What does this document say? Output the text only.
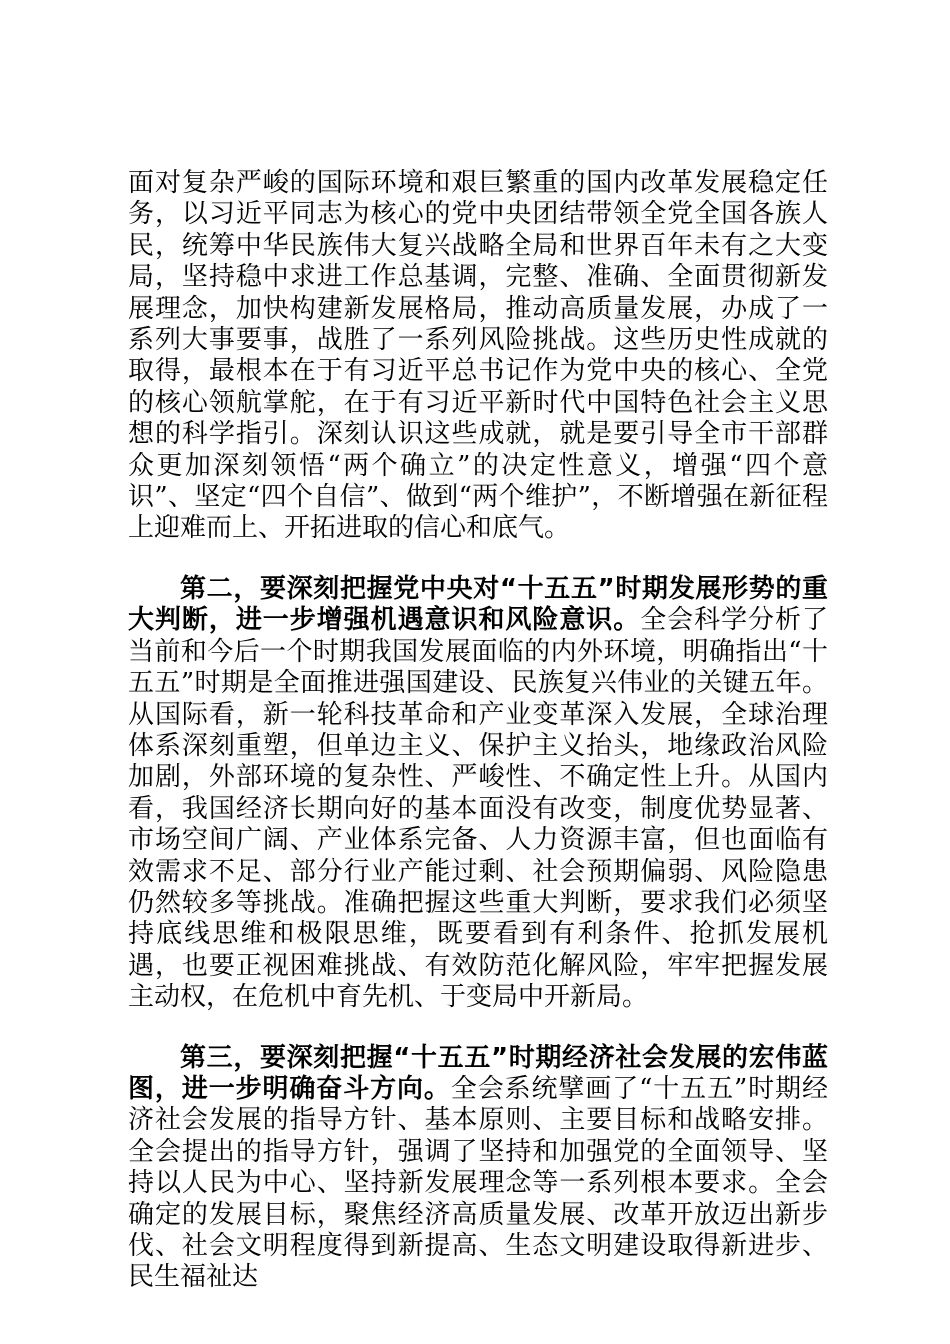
面对复杂严峻的国际环境和艰巨繁重的国内改革发展稳定任务，以习近平同志为核心的党中央团结带领全党全国各族人民，统筹中华民族伟大复兴战略全局和世界百年未有之大变局，坚持稳中求进工作总基调，完整、准确、全面贯彻新发展理念，加快构建新发展格局，推动高质量发展，办成了一系列大事要事，战胜了一系列风险挑战。这些历史性成就的取得，最根本在于有习近平总书记作为党中央的核心、全党的核心领航掌舵，在于有习近平新时代中国特色社会主义思想的科学指引。深刻认识这些成就，就是要引导全市干部群众更加深刻领悟“两个确立”的决定性意义，增强“四个意识”、坚定“四个自信”、做到“两个维护”，不断增强在新征程上迎难而上、开拓进取的信心和底气。

第二，要深刻把握党中央对“十五五”时期发展形势的重大判断，进一步增强机遇意识和风险意识。全会科学分析了当前和今后一个时期我国发展面临的内外环境，明确指出“十五五”时期是全面推进强国建设、民族复兴伟业的关键五年。从国际看，新一轮科技革命和产业变革深入发展，全球治理体系深刻重塑，但单边主义、保护主义抬头，地缘政治风险加剧，外部环境的复杂性、严峻性、不确定性上升。从国内看，我国经济长期向好的基本面没有改变，制度优势显著、市场空间广阔、产业体系完备、人力资源丰富，但也面临有效需求不足、部分行业产能过剩、社会预期偏弱、风险隐患仍然较多等挑战。准确把握这些重大判断，要求我们必须坚持底线思维和极限思维，既要看到有利条件、抢抓发展机遇，也要正视困难挑战、有效防范化解风险，牢牢把握发展主动权，在危机中育先机、于变局中开新局。

第三，要深刻把握“十五五”时期经济社会发展的宏伟蓝图，进一步明确奋斗方向。全会系统擘画了“十五五”时期经济社会发展的指导方针、基本原则、主要目标和战略安排。全会提出的指导方针，强调了坚持和加强党的全面领导、坚持以人民为中心、坚持新发展理念等一系列根本要求。全会确定的发展目标，聚焦经济高质量发展、改革开放迈出新步伐、社会文明程度得到新提高、生态文明建设取得新进步、民生福祉达
